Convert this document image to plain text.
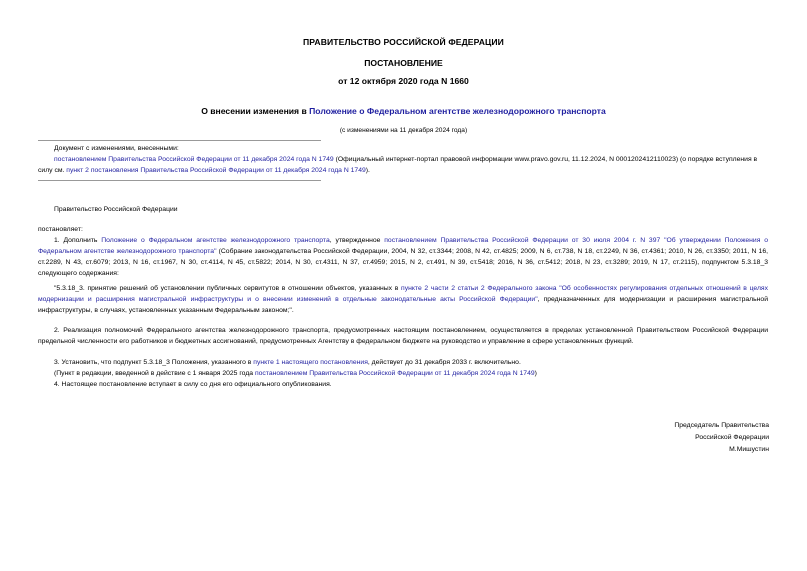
ПРАВИТЕЛЬСТВО РОССИЙСКОЙ ФЕДЕРАЦИИ
ПОСТАНОВЛЕНИЕ
от 12 октября 2020 года N 1660
О внесении изменения в Положение о Федеральном агентстве железнодорожного транспорта
(с изменениями на 11 декабря 2024 года)

Документ с изменениями, внесенными:

постановлением Правительства Российской Федерации от 11 декабря 2024 года N 1749 (Официальный интернет-портал правовой информации www.pravo.gov.ru, 11.12.2024, N 0001202412110023) (о порядке вступления в силу см. пункт 2 постановления Правительства Российской Федерации от 11 декабря 2024 года N 1749).

Правительство Российской Федерации

постановляет:

1. Дополнить Положение о Федеральном агентстве железнодорожного транспорта, утвержденное постановлением Правительства Российской Федерации от 30 июля 2004 г. N 397 "Об утверждении Положения о Федеральном агентстве железнодорожного транспорта" (Собрание законодательства Российской Федерации, 2004, N 32, ст.3344; 2008, N 42, ст.4825; 2009, N 6, ст.738, N 18, ст.2249, N 36, ст.4361; 2010, N 26, ст.3350; 2011, N 16, ст.2289, N 43, ст.6079; 2013, N 16, ст.1967, N 30, ст.4114, N 45, ст.5822; 2014, N 30, ст.4311, N 37, ст.4959; 2015, N 2, ст.491, N 39, ст.5418; 2016, N 36, ст.5412; 2018, N 23, ст.3289; 2019, N 17, ст.2115), подпунктом 5.3.18_3 следующего содержания:

"5.3.18_3. принятие решений об установлении публичных сервитутов в отношении объектов, указанных в пункте 2 части 2 статьи 2 Федерального закона "Об особенностях регулирования отдельных отношений в целях модернизации и расширения магистральной инфраструктуры и о внесении изменений в отдельные законодательные акты Российской Федерации", предназначенных для модернизации и расширения магистральной инфраструктуры, в случаях, установленных указанным Федеральным законом;".

2. Реализация полномочий Федерального агентства железнодорожного транспорта, предусмотренных настоящим постановлением, осуществляется в пределах установленной Правительством Российской Федерации предельной численности его работников и бюджетных ассигнований, предусмотренных Агентству в федеральном бюджете на руководство и управление в сфере установленных функций.

3. Установить, что подпункт 5.3.18_3 Положения, указанного в пункте 1 настоящего постановления, действует до 31 декабря 2033 г. включительно.

(Пункт в редакции, введенной в действие с 1 января 2025 года постановлением Правительства Российской Федерации от 11 декабря 2024 года N 1749)

4. Настоящее постановление вступает в силу со дня его официального опубликования.

Председатель Правительства
Российской Федерации
М.Мишустин
